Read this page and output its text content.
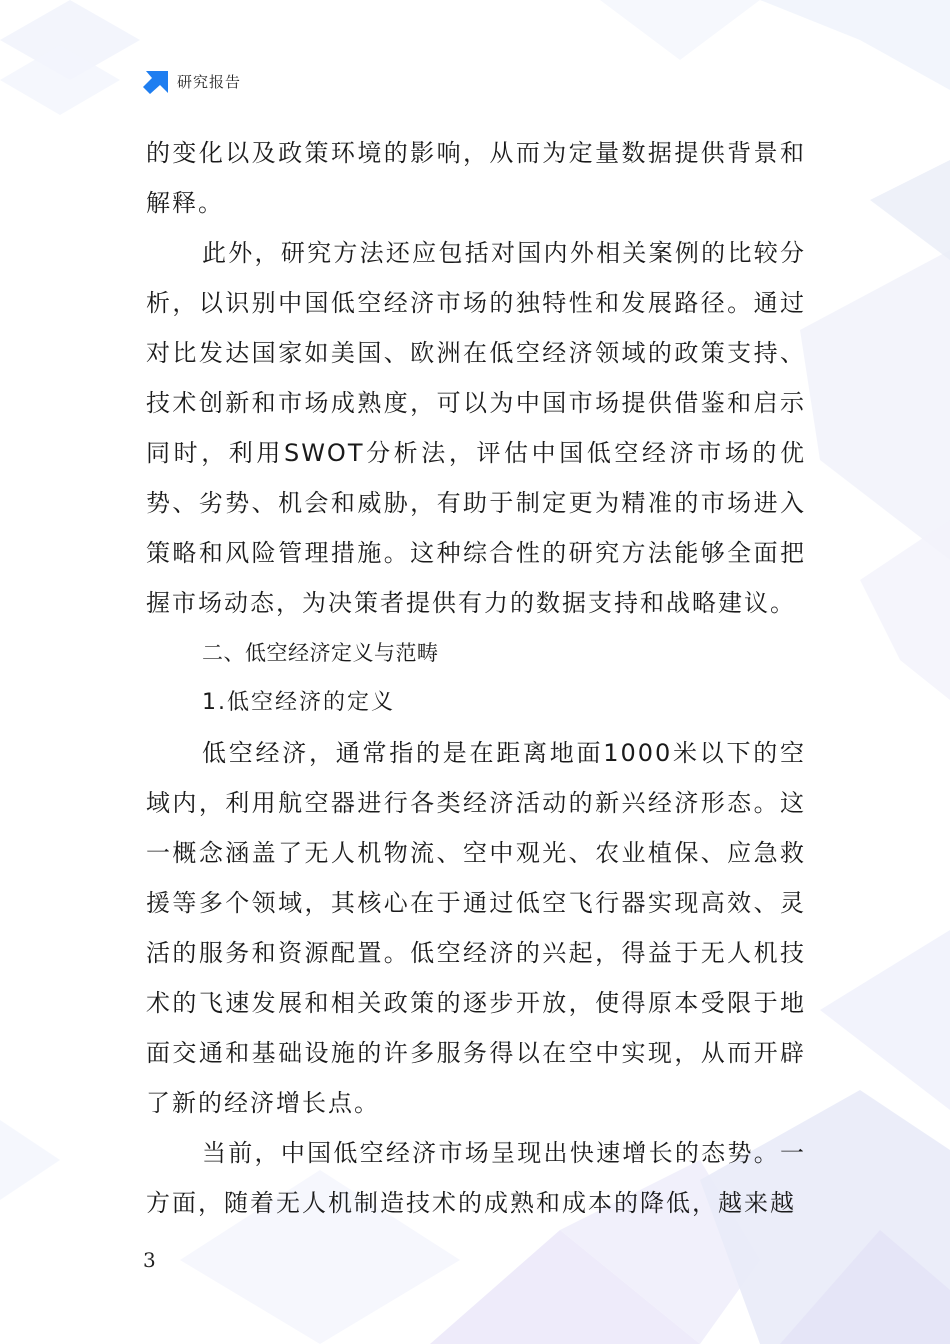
研究报告

的变化以及政策环境的影响，从而为定量数据提供背景和解释。

此外，研究方法还应包括对国内外相关案例的比较分析，以识别中国低空经济市场的独特性和发展路径。通过对比发达国家如美国、欧洲在低空经济领域的政策支持、技术创新和市场成熟度，可以为中国市场提供借鉴和启示同时，利用SWOT分析法，评估中国低空经济市场的优势、劣势、机会和威胁，有助于制定更为精准的市场进入策略和风险管理措施。这种综合性的研究方法能够全面把握市场动态，为决策者提供有力的数据支持和战略建议。

二、低空经济定义与范畴

1.低空经济的定义

低空经济，通常指的是在距离地面1000米以下的空域内，利用航空器进行各类经济活动的新兴经济形态。这一概念涵盖了无人机物流、空中观光、农业植保、应急救援等多个领域，其核心在于通过低空飞行器实现高效、灵活的服务和资源配置。低空经济的兴起，得益于无人机技术的飞速发展和相关政策的逐步开放，使得原本受限于地面交通和基础设施的许多服务得以在空中实现，从而开辟了新的经济增长点。

当前，中国低空经济市场呈现出快速增长的态势。一方面，随着无人机制造技术的成熟和成本的降低，越来越

3
